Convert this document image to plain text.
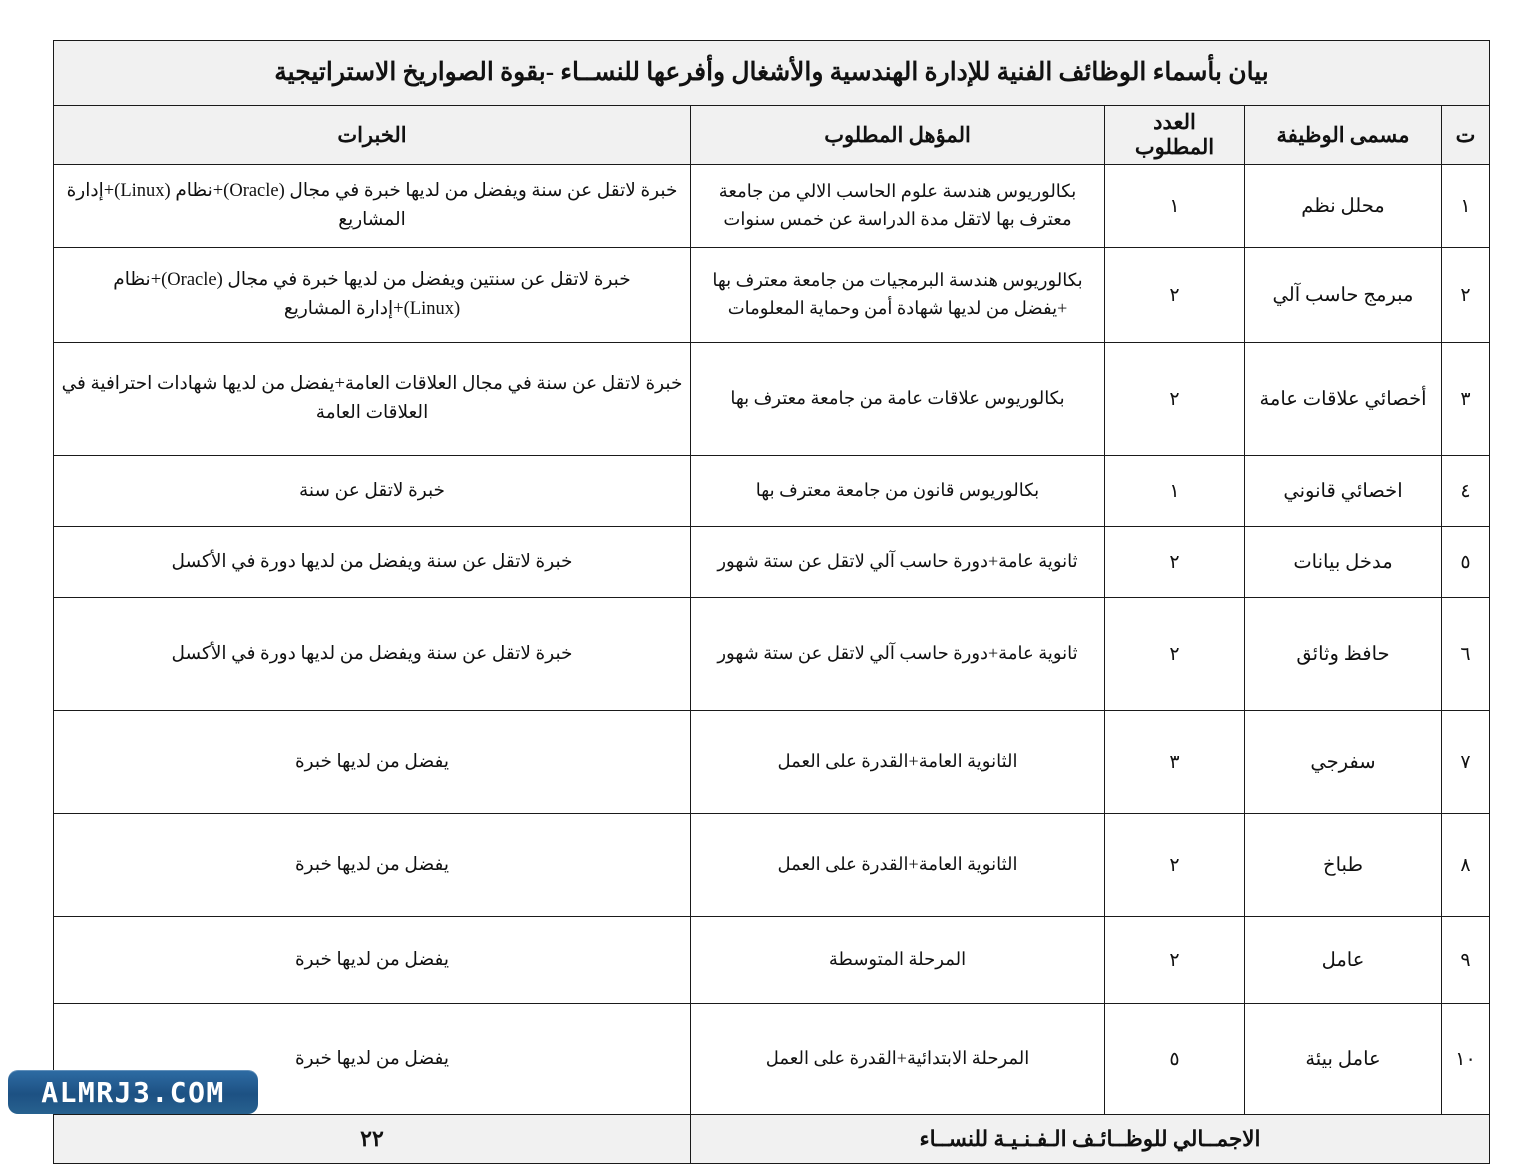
بيان بأسماء الوظائف الفنية للإدارة الهندسية والأشغال وأفرعها للنســاء -بقوة الصواريخ الاستراتيجية				
ت	مسمى الوظيفة	العدد المطلوب	المؤهل المطلوب	الخبرات
١	محلل نظم	١	بكالوريوس هندسة علوم الحاسب الالي من جامعة معترف بها لاتقل مدة الدراسة عن خمس سنوات	خبرة لاتقل عن سنة ويفضل من لديها خبرة في مجال (Oracle)+نظام (Linux)+إدارة المشاريع
٢	مبرمج حاسب آلي	٢	بكالوريوس هندسة البرمجيات من جامعة معترف بها +يفضل من لديها شهادة أمن وحماية المعلومات	خبرة لاتقل عن سنتين ويفضل من لديها خبرة في مجال (Oracle)+نظام (Linux)+إدارة المشاريع
٣	أخصائي علاقات عامة	٢	بكالوريوس علاقات عامة من جامعة معترف بها	خبرة لاتقل عن سنة في مجال العلاقات العامة+يفضل من لديها شهادات احترافية في العلاقات العامة
٤	اخصائي قانوني	١	بكالوريوس قانون من جامعة معترف بها	خبرة لاتقل عن سنة
٥	مدخل بيانات	٢	ثانوية عامة+دورة حاسب آلي لاتقل عن ستة شهور	خبرة لاتقل عن سنة ويفضل من لديها دورة في الأكسل
٦	حافظ وثائق	٢	ثانوية عامة+دورة حاسب آلي لاتقل عن ستة شهور	خبرة لاتقل عن سنة ويفضل من لديها دورة في الأكسل
٧	سفرجي	٣	الثانوية العامة+القدرة على العمل	يفضل من لديها خبرة
٨	طباخ	٢	الثانوية العامة+القدرة على العمل	يفضل من لديها خبرة
٩	عامل	٢	المرحلة المتوسطة	يفضل من لديها خبرة
١٠	عامل بيئة	٥	المرحلة الابتدائية+القدرة على العمل	يفضل من لديها خبرة
الاجمــالي للوظــائـف الـفـنـيـة للنســاء				٢٢
ALMRJ3.COM
